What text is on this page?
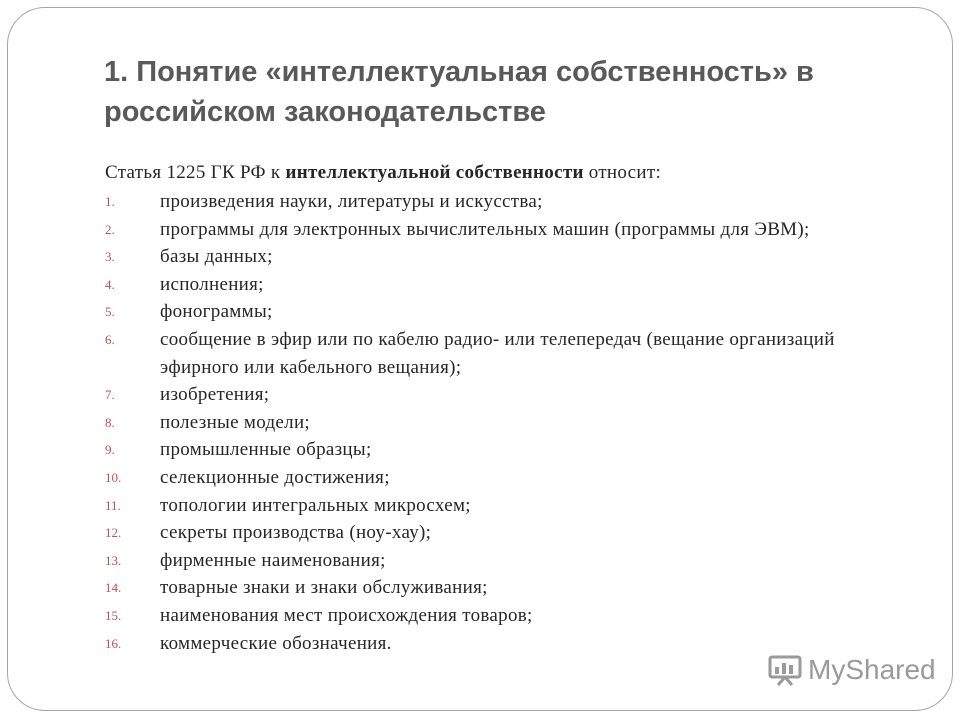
1. Понятие «интеллектуальная собственность» в российском законодательстве
Статья 1225 ГК РФ к интеллектуальной собственности относит:
1. произведения науки, литературы и искусства;
2. программы для электронных вычислительных машин (программы для ЭВМ);
3. базы данных;
4. исполнения;
5. фонограммы;
6. сообщение в эфир или по кабелю радио- или телепередач (вещание организаций эфирного или кабельного вещания);
7. изобретения;
8. полезные модели;
9. промышленные образцы;
10. селекционные достижения;
11. топологии интегральных микросхем;
12. секреты производства (ноу-хау);
13. фирменные наименования;
14. товарные знаки и знаки обслуживания;
15. наименования мест происхождения товаров;
16. коммерческие обозначения.
MyShared
